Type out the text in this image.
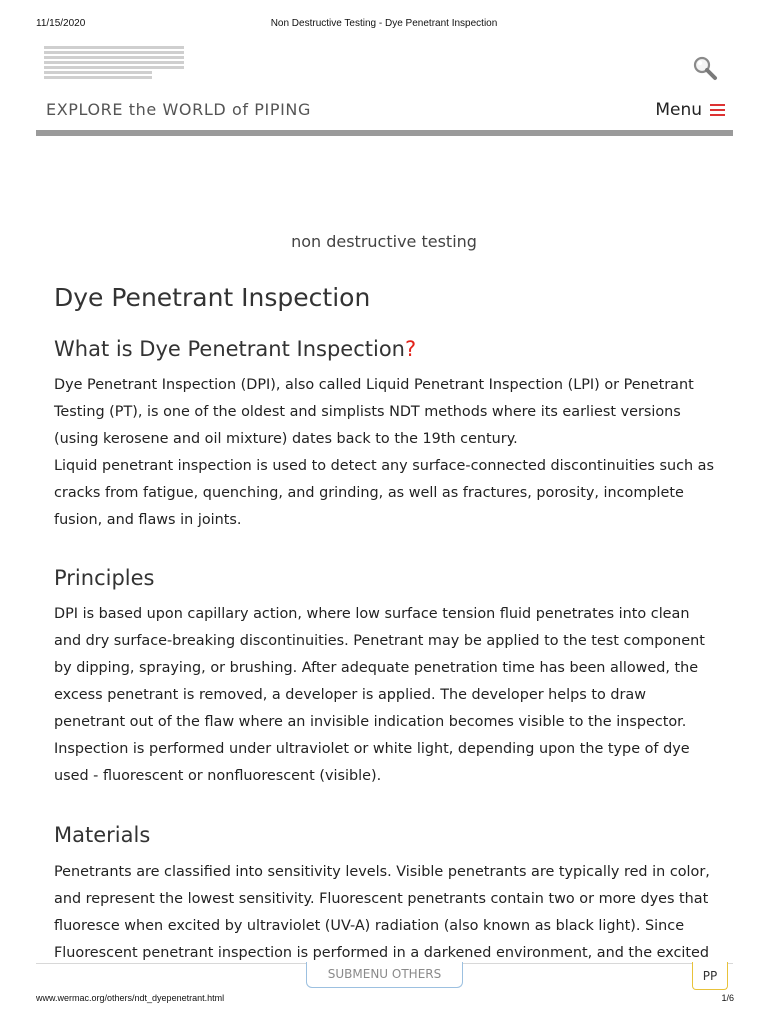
11/15/2020	Non Destructive Testing - Dye Penetrant Inspection
EXPLORE the WORLD of PIPING	Menu
non destructive testing
Dye Penetrant Inspection
What is Dye Penetrant Inspection?

Dye Penetrant Inspection (DPI), also called Liquid Penetrant Inspection (LPI) or Penetrant Testing (PT), is one of the oldest and simplists NDT methods where its earliest versions (using kerosene and oil mixture) dates back to the 19th century.

Liquid penetrant inspection is used to detect any surface-connected discontinuities such as cracks from fatigue, quenching, and grinding, as well as fractures, porosity, incomplete fusion, and flaws in joints.

Principles

DPI is based upon capillary action, where low surface tension fluid penetrates into clean and dry surface-breaking discontinuities. Penetrant may be applied to the test component by dipping, spraying, or brushing. After adequate penetration time has been allowed, the excess penetrant is removed, a developer is applied. The developer helps to draw penetrant out of the flaw where an invisible indication becomes visible to the inspector. Inspection is performed under ultraviolet or white light, depending upon the type of dye used - fluorescent or nonfluorescent (visible).

Materials

Penetrants are classified into sensitivity levels. Visible penetrants are typically red in color, and represent the lowest sensitivity. Fluorescent penetrants contain two or more dyes that fluoresce when excited by ultraviolet (UV-A) radiation (also known as black light). Since Fluorescent penetrant inspection is performed in a darkened environment, and the excited

SUBMENU OTHERS	PP
www.wermac.org/others/ndt_dyepenetrant.html	1/6
